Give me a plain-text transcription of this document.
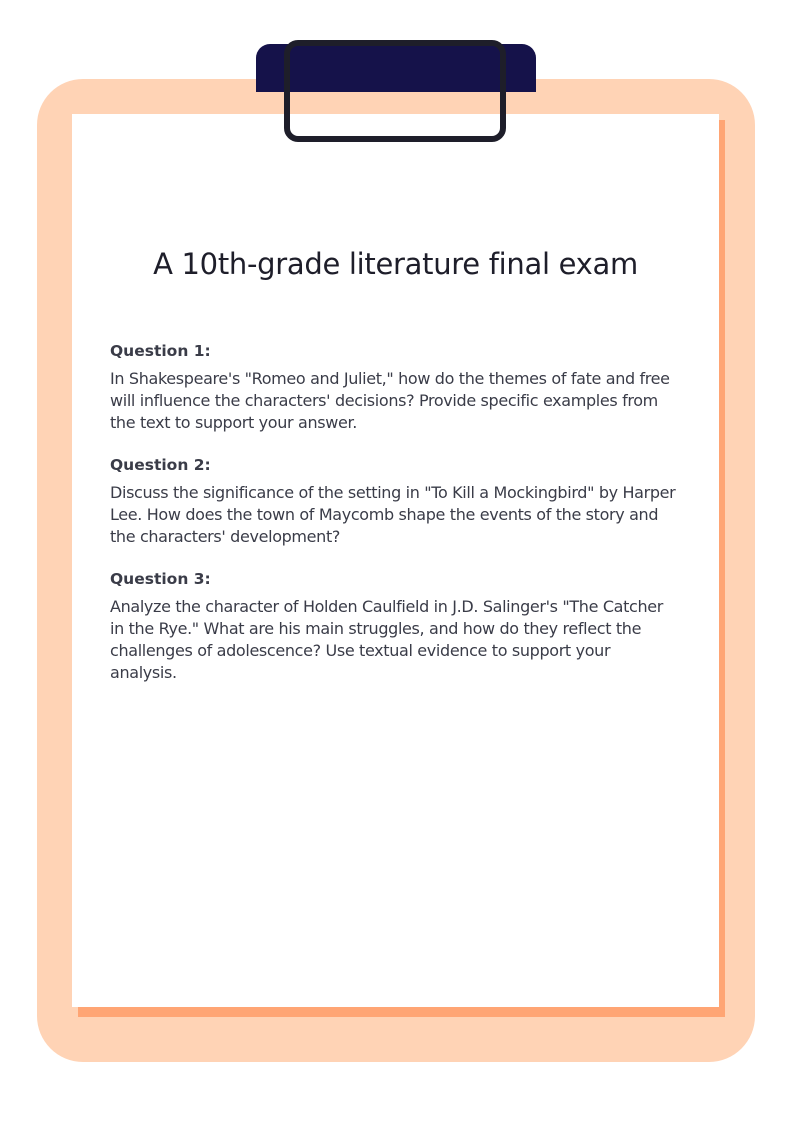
A 10th-grade literature final exam
Question 1:

In Shakespeare's "Romeo and Juliet," how do the themes of fate and free will influence the characters' decisions? Provide specific examples from the text to support your answer.

Question 2:

Discuss the significance of the setting in "To Kill a Mockingbird" by Harper Lee. How does the town of Maycomb shape the events of the story and the characters' development?

Question 3:

Analyze the character of Holden Caulfield in J.D. Salinger's "The Catcher in the Rye." What are his main struggles, and how do they reflect the challenges of adolescence? Use textual evidence to support your analysis.
